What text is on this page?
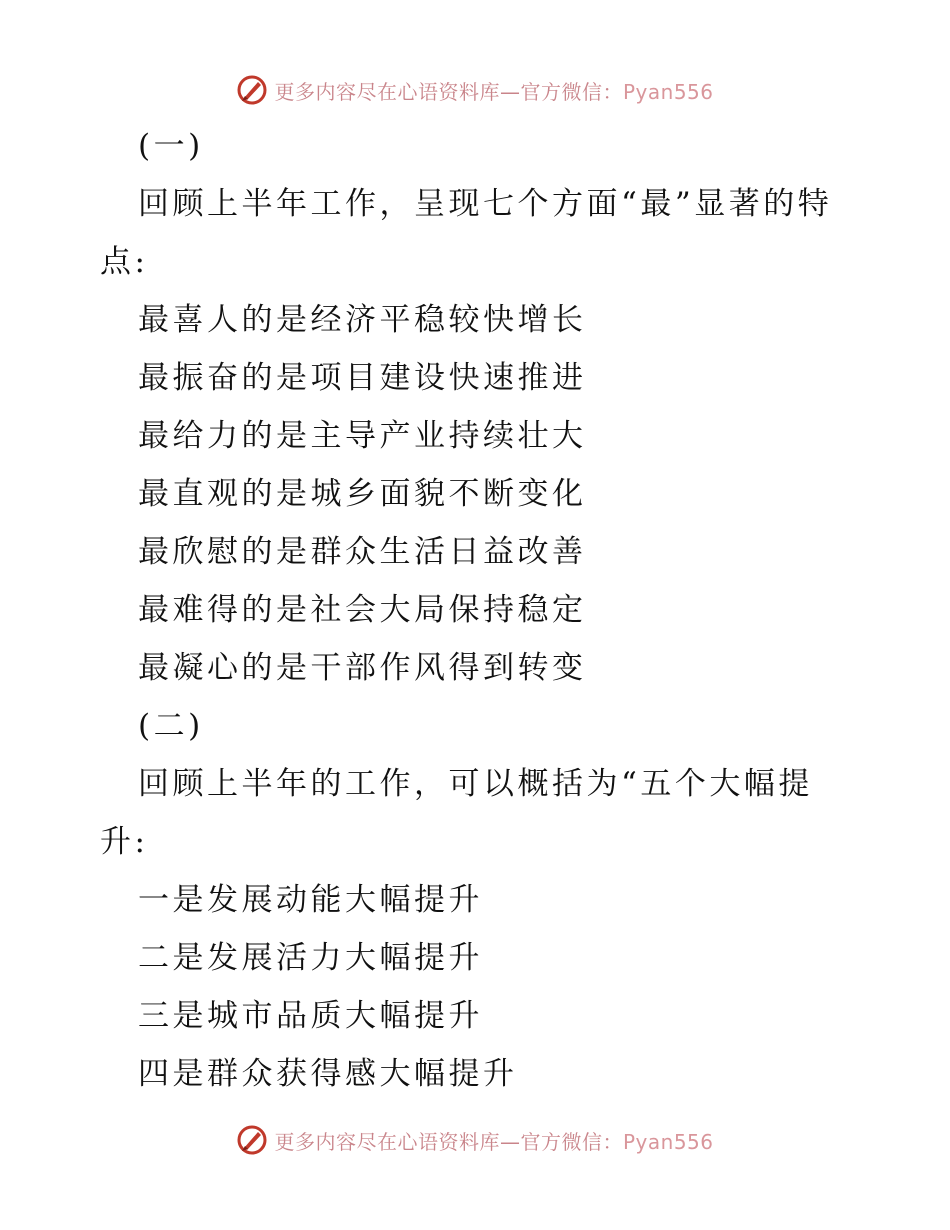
更多内容尽在心语资料库—官方微信：Pyan556
(一)
回顾上半年工作，呈现七个方面“最”显著的特
点:
最喜人的是经济平稳较快增长
最振奋的是项目建设快速推进
最给力的是主导产业持续壮大
最直观的是城乡面貌不断变化
最欣慰的是群众生活日益改善
最难得的是社会大局保持稳定
最凝心的是干部作风得到转变
(二)
回顾上半年的工作，可以概括为“五个大幅提
升:
一是发展动能大幅提升
二是发展活力大幅提升
三是城市品质大幅提升
四是群众获得感大幅提升
更多内容尽在心语资料库—官方微信：Pyan556
